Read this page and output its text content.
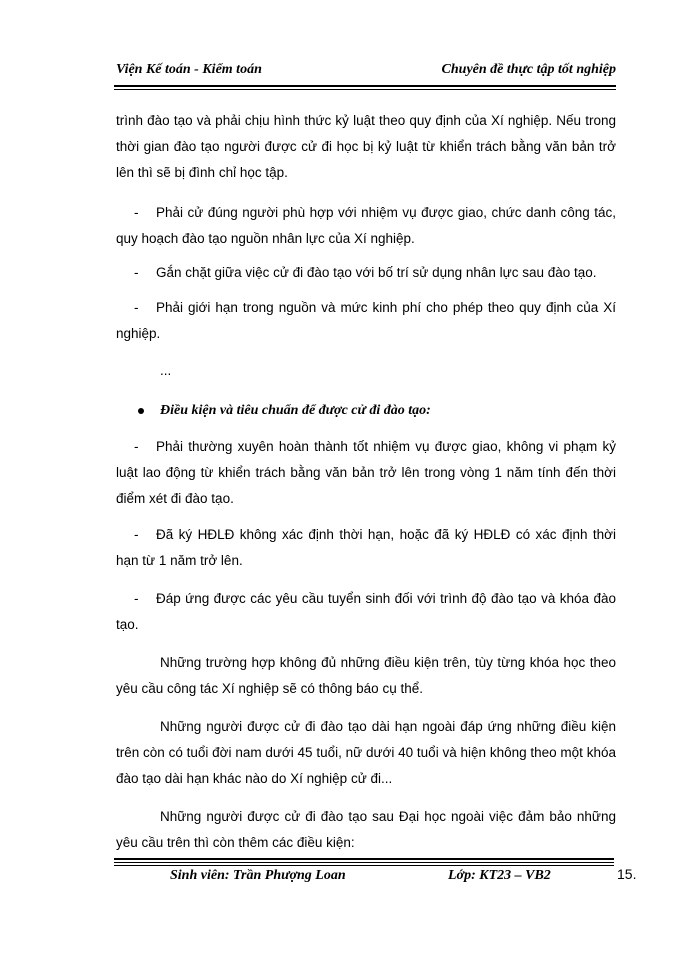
Viện Kế toán - Kiểm toán	Chuyên đề thực tập tốt nghiệp
trình đào tạo và phải chịu hình thức kỷ luật theo quy định của Xí nghiệp. Nếu trong thời gian đào tạo người được cử đi học bị kỷ luật từ khiển trách bằng văn bản trở lên thì sẽ bị đình chỉ học tập.
-	Phải cử đúng người phù hợp với nhiệm vụ được giao, chức danh công tác, quy hoạch đào tạo nguồn nhân lực của Xí nghiệp.
-	Gắn chặt giữa việc cử đi đào tạo với bố trí sử dụng nhân lực sau đào tạo.
-	Phải giới hạn trong nguồn và mức kinh phí cho phép theo quy định của Xí nghiệp.
...
Điều kiện và tiêu chuẩn để được cử đi đào tạo:
-	Phải thường xuyên hoàn thành tốt nhiệm vụ được giao, không vi phạm kỷ luật lao động từ khiển trách bằng văn bản trở lên trong vòng 1 năm tính đến thời điểm xét đi đào tạo.
-	Đã ký HĐLĐ không xác định thời hạn, hoặc đã ký HĐLĐ có xác định thời hạn từ 1 năm trở lên.
-	Đáp ứng được các yêu cầu tuyển sinh đối với trình độ đào tạo và khóa đào tạo.
Những trường hợp không đủ những điều kiện trên, tùy từng khóa học theo yêu cầu công tác Xí nghiệp sẽ có thông báo cụ thể.
Những người được cử đi đào tạo dài hạn ngoài đáp ứng những điều kiện trên còn có tuổi đời nam dưới 45 tuổi, nữ dưới 40 tuổi và hiện không theo một khóa đào tạo dài hạn khác nào do Xí nghiệp cử đi...
Những người được cử đi đào tạo sau Đại học ngoài việc đảm bảo những yêu cầu trên thì còn thêm các điều kiện:
Sinh viên: Trần Phượng Loan	Lớp: KT23 – VB2	15.
